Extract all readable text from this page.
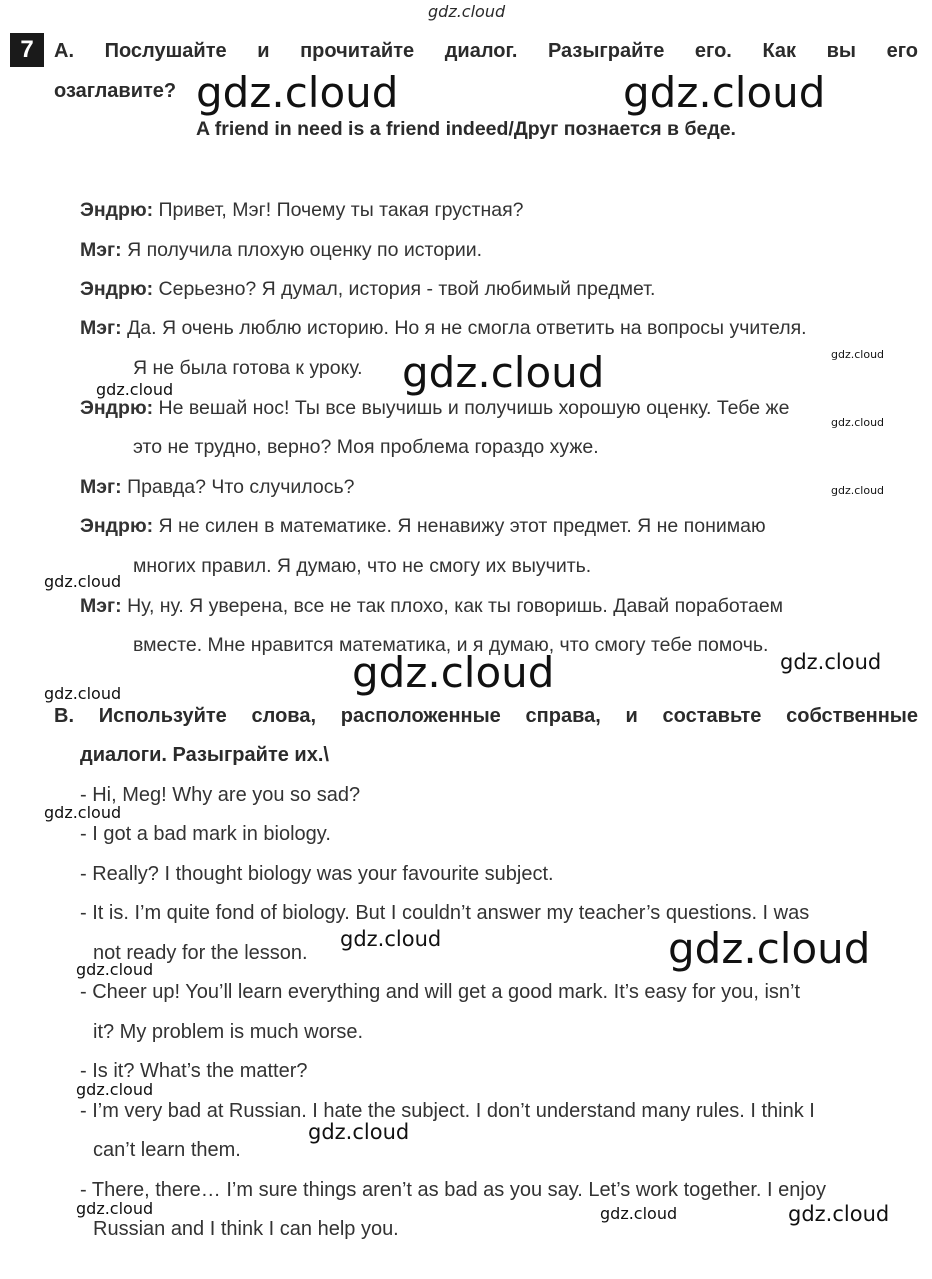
7	A. Послушайте и прочитайте диалог. Разыграйте его. Как вы его
озаглавите?
A friend in need is a friend indeed/Друг познается в беде.
Эндрю: Привет, Мэг! Почему ты такая грустная?
Мэг: Я получила плохую оценку по истории.
Эндрю: Серьезно? Я думал, история - твой любимый предмет.
Мэг: Да. Я очень люблю историю. Но я не смогла ответить на вопросы учителя.
Я не была готова к уроку.
Эндрю: Не вешай нос! Ты все выучишь и получишь хорошую оценку. Тебе же
это не трудно, верно? Моя проблема гораздо хуже.
Мэг: Правда? Что случилось?
Эндрю: Я не силен в математике. Я ненавижу этот предмет. Я не понимаю
многих правил. Я думаю, что не смогу их выучить.
Мэг: Ну, ну. Я уверена, все не так плохо, как ты говоришь. Давай поработаем
вместе. Мне нравится математика, и я думаю, что смогу тебе помочь.
B. Используйте слова, расположенные справа, и составьте собственные
диалоги. Разыграйте их.\
- Hi, Meg! Why are you so sad?
- I got a bad mark in biology.
- Really? I thought biology was your favourite subject.
- It is. I’m quite fond of biology. But I couldn’t answer my teacher’s questions. I was
not ready for the lesson.
- Cheer up! You’ll learn everything and will get a good mark. It’s easy for you, isn’t
it? My problem is much worse.
- Is it? What’s the matter?
- I’m very bad at Russian. I hate the subject. I don’t understand many rules. I think I
can’t learn them.
- There, there… I’m sure things aren’t as bad as you say. Let’s work together. I enjoy
Russian and I think I can help you.
gdz.cloud
gdz.cloud	gdz.cloud
gdz.cloud	gdz.cloud
gdz.cloud
gdz.cloud
gdz.cloud
gdz.cloud
gdz.cloud	gdz.cloud
gdz.cloud
gdz.cloud
gdz.cloud	gdz.cloud
gdz.cloud
gdz.cloud
gdz.cloud
gdz.cloud	gdz.cloud	gdz.cloud
